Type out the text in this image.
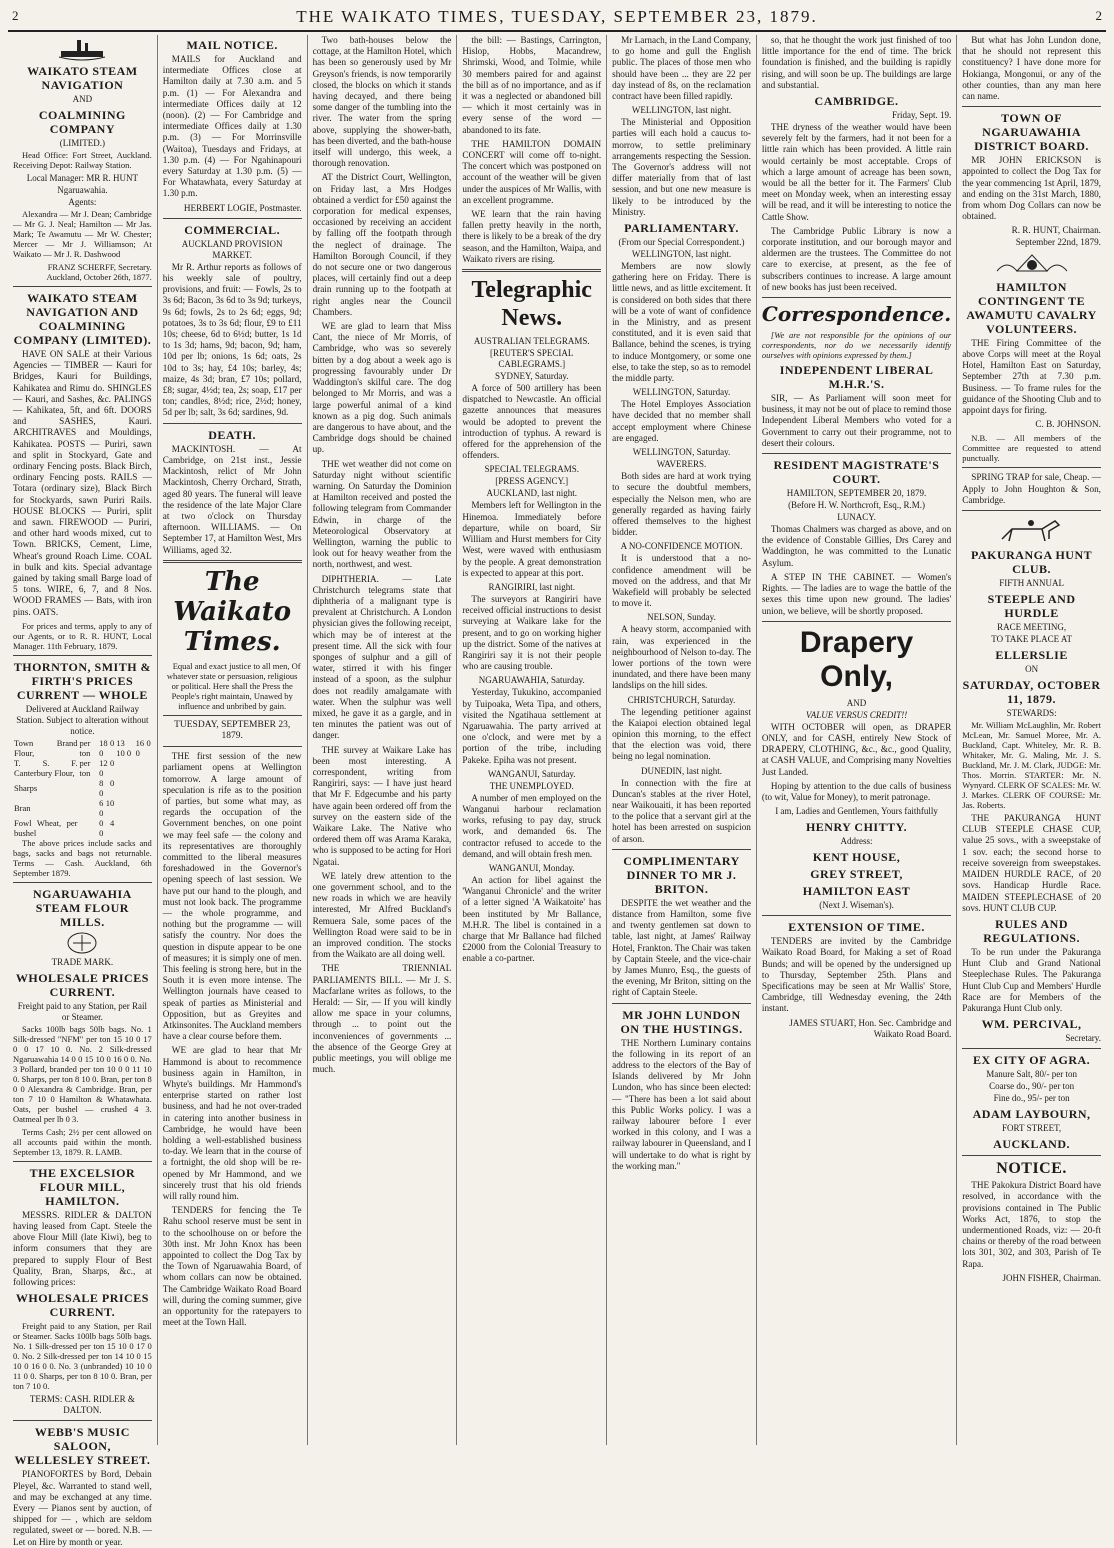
2	THE WAIKATO TIMES, TUESDAY, SEPTEMBER 23, 1879.	2
WAIKATO STEAM NAVIGATION
AND
COALMINING COMPANY
(LIMITED.)

Head Office: Fort Street, Auckland. Receiving Depot: Railway Station.

Local Manager: MR R. HUNT
Ngaruawahia.
Agents:

Alexandra — Mr J. Dean; Cambridge — Mr G. J. Neal; Hamilton — Mr Jas. Mark; Te Awamutu — Mr W. Chester; Mercer — Mr J. Williamson; At Waikato — Mr J. R. Dashwood

FRANZ SCHERFF, Secretary. Auckland, October 26th, 1877.

WAIKATO STEAM NAVIGATION AND COALMINING COMPANY (LIMITED).

HAVE ON SALE at their Various Agencies — TIMBER — Kauri for Bridges, Kauri for Buildings, Kahikatea and Rimu do. SHINGLES — Kauri, and Sashes, &c. PALINGS — Kahikatea, 5ft, and 6ft. DOORS and SASHES, Kauri. ARCHITRAVES and Mouldings, Kahikatea. POSTS — Puriri, sawn and split in Stockyard, Gate and ordinary Fencing posts. Black Birch, ordinary Fencing posts. RAILS — Totara (ordinary size), Black Birch for Stockyards, sawn Puriri Rails. HOUSE BLOCKS — Puriri, split and sawn. FIREWOOD — Puriri, and other hard woods mixed, cut to Town. BRICKS, Cement, Lime, Wheat's ground Roach Lime. COAL in bulk and kits. Special advantage gained by taking small Barge load of 5 tons. WIRE, 6, 7, and 8 Nos. WOOD FRAMES — Bats, with iron pins. OATS.

For prices and terms, apply to any of our Agents, or to R. R. HUNT, Local Manager. 11th February, 1879.

THORNTON, SMITH & FIRTH'S PRICES CURRENT — WHOLE
Delivered at Auckland Railway Station. Subject to alteration without notice.
Town Brand Flour,	per ton	18 0 0	13 10 0	16 0 0
T. S. F. Canterbury Flour,	per ton	12 0 0		
Sharps		8 0 0		
Bran		6 10 0		
Fowl Wheat, per bushel		0 4 0		

The above prices include sacks and bags, sacks and bags not returnable. Terms — Cash. Auckland, 6th September 1879.

NGARUAWAHIA STEAM FLOUR MILLS.
TRADE MARK.
WHOLESALE PRICES CURRENT.
Freight paid to any Station, per Rail or Steamer.

Sacks 100lb bags 50lb bags. No. 1 Silk-dressed "NFM" per ton 15 10 0 17 0 0 17 10 0. No. 2 Silk-dressed Ngaruawahia 14 0 0 15 10 0 16 0 0. No. 3 Pollard, branded per ton 10 0 0 11 10 0. Sharps, per ton 8 10 0. Bran, per ton 8 0 0 Alexandra & Cambridge. Bran, per ton 7 10 0 Hamilton & Whatawhata. Oats, per bushel — crushed 4 3. Oatmeal per lb 0 3.

Terms Cash; 2½ per cent allowed on all accounts paid within the month. September 13, 1879. R. LAMB.

THE EXCELSIOR FLOUR MILL, HAMILTON.

MESSRS. RIDLER & DALTON having leased from Capt. Steele the above Flour Mill (late Kiwi), beg to inform consumers that they are prepared to supply Flour of Best Quality, Bran, Sharps, &c., at following prices:

WHOLESALE PRICES CURRENT.

Freight paid to any Station, per Rail or Steamer. Sacks 100lb bags 50lb bags. No. 1 Silk-dressed per ton 15 10 0 17 0 0. No. 2 Silk-dressed per ton 14 10 0 15 10 0 16 0 0. No. 3 (unbranded) 10 10 0 11 0 0. Sharps, per ton 8 10 0. Bran, per ton 7 10 0.

TERMS: CASH. RIDLER & DALTON.
WEBB'S MUSIC SALOON, WELLESLEY STREET.

PIANOFORTES by Bord, Debain Pleyel, &c. Warranted to stand well, and may be exchanged at any time. Every — Pianos sent by auction, of shipped for — , which are seldom regulated, sweet or — bored. N.B. — Let on Hire by month or year.

MAIL NOTICE.

MAILS for Auckland and intermediate Offices close at Hamilton daily at 7.30 a.m. and 5 p.m. (1) — For Alexandra and intermediate Offices daily at 12 (noon). (2) — For Cambridge and intermediate Offices daily at 1.30 p.m. (3) — For Morrinsville (Waitoa), Tuesdays and Fridays, at 1.30 p.m. (4) — For Ngahinapouri every Saturday at 1.30 p.m. (5) — For Whatawhata, every Saturday at 1.30 p.m.

HERBERT LOGIE, Postmaster.

COMMERCIAL.
AUCKLAND PROVISION MARKET.

Mr R. Arthur reports as follows of his weekly sale of poultry, provisions, and fruit: — Fowls, 2s to 3s 6d; Bacon, 3s 6d to 3s 9d; turkeys, 9s 6d; fowls, 2s to 2s 6d; eggs, 9d; potatoes, 3s to 3s 6d; flour, £9 to £11 10s; cheese, 6d to 6½d; butter, 1s 1d to 1s 3d; hams, 9d; bacon, 9d; ham, 10d per lb; onions, 1s 6d; oats, 2s 10d to 3s; hay, £4 10s; barley, 4s; maize, 4s 3d; bran, £7 10s; pollard, £8; sugar, 4½d; tea, 2s; soap, £17 per ton; candles, 8½d; rice, 2½d; honey, 5d per lb; salt, 3s 6d; sardines, 9d.

DEATH.

MACKINTOSH. — At Cambridge, on 21st inst., Jessie Mackintosh, relict of Mr John Mackintosh, Cherry Orchard, Strath, aged 80 years. The funeral will leave the residence of the late Major Clare at two o'clock on Thursday afternoon. WILLIAMS. — On September 17, at Hamilton West, Mrs Williams, aged 32.

The Waikato Times.

Equal and exact justice to all men, Of whatever state or persuasion, religious or political. Here shall the Press the People's right maintain, Unawed by influence and unbribed by gain.

TUESDAY, SEPTEMBER 23, 1879.

THE first session of the new parliament opens at Wellington tomorrow. A large amount of speculation is rife as to the position of parties, but some what may, as regards the occupation of the Government benches, on one point we may feel safe — the colony and its representatives are thoroughly committed to the liberal measures foreshadowed in the Governor's opening speech of last session. We have put our hand to the plough, and must not look back. The programme — the whole programme, and nothing but the programme — will satisfy the country. Nor does the question in dispute appear to be one of measures; it is simply one of men. This feeling is strong here, but in the South it is even more intense. The Wellington journals have ceased to speak of parties as Ministerial and Opposition, but as Greyites and Atkinsonites. The Auckland members have a clear course before them.

WE are glad to hear that Mr Hammond is about to recommence business again in Hamilton, in Whyte's buildings. Mr Hammond's enterprise started on rather lost business, and had he not over-traded in catering into another business in Cambridge, he would have been holding a well-established business to-day. We learn that in the course of a fortnight, the old shop will be re-opened by Mr Hammond, and we sincerely trust that his old friends will rally round him.

TENDERS for fencing the Te Rahu school reserve must be sent in to the schoolhouse on or before the 30th inst. Mr John Knox has been appointed to collect the Dog Tax by the Town of Ngaruawahia Board, of whom collars can now be obtained. The Cambridge Waikato Road Board will, during the coming summer, give an opportunity for the ratepayers to meet at the Town Hall.

Two bath-houses below the cottage, at the Hamilton Hotel, which has been so generously used by Mr Greyson's friends, is now temporarily closed, the blocks on which it stands having decayed, and there being some danger of the tumbling into the river. The water from the spring above, supplying the shower-bath, has been diverted, and the bath-house itself will undergo, this week, a thorough renovation.

AT the District Court, Wellington, on Friday last, a Mrs Hodges obtained a verdict for £50 against the corporation for medical expenses, occasioned by receiving an accident by falling off the footpath through the neglect of drainage. The Hamilton Borough Council, if they do not secure one or two dangerous places, will certainly find out a deep drain running up to the footpath at right angles near the Council Chambers.

WE are glad to learn that Miss Cant, the niece of Mr Morris, of Cambridge, who was so severely bitten by a dog about a week ago is progressing favourably under Dr Waddington's skilful care. The dog belonged to Mr Morris, and was a large powerful animal of a kind known as a pig dog. Such animals are dangerous to have about, and the Cambridge dogs should be chained up.

THE wet weather did not come on Saturday night without scientific warning. On Saturday the Dominion at Hamilton received and posted the following telegram from Commander Edwin, in charge of the Meteorological Observatory at Wellington, warning the public to look out for heavy weather from the north, northwest, and west.

DIPHTHERIA. — Late Christchurch telegrams state that diphtheria of a malignant type is prevalent at Christchurch. A London physician gives the following receipt, which may be of interest at the present time. All the sick with four sponges of sulphur and a gill of water, stirred it with his finger instead of a spoon, as the sulphur does not readily amalgamate with water. When the sulphur was well mixed, he gave it as a gargle, and in ten minutes the patient was out of danger.

THE survey at Waikare Lake has been most interesting. A correspondent, writing from Rangiriri, says: — I have just heard that Mr F. Edgecumbe and his party have again been ordered off from the survey on the eastern side of the Waikare Lake. The Native who ordered them off was Arama Karaka, who is supposed to be acting for Hori Ngatai.

WE lately drew attention to the one government school, and to the new roads in which we are heavily interested, Mr Alfred Buckland's Remuera Sale, some paces of the Wellington Road were said to be in an improved condition. The stocks from the Waikato are all doing well.

THE TRIENNIAL PARLIAMENTS BILL. — Mr J. S. Macfarlane writes as follows, to the Herald: — Sir, — If you will kindly allow me space in your columns, through ... to point out the inconveniences of governments ... the absence of the George Grey at public meetings, you will oblige me much.

the bill: — Bastings, Carrington, Hislop, Hobbs, Macandrew, Shrimski, Wood, and Tolmie, while 30 members paired for and against the bill as of no importance, and as if it was a neglected or abandoned bill — which it most certainly was in every sense of the word — abandoned to its fate.

THE HAMILTON DOMAIN CONCERT will come off to-night. The concert which was postponed on account of the weather will be given under the auspices of Mr Wallis, with an excellent programme.

WE learn that the rain having fallen pretty heavily in the north, there is likely to be a break of the dry season, and the Hamilton, Waipa, and Waikato rivers are rising.

Telegraphic News.
AUSTRALIAN TELEGRAMS.
[REUTER'S SPECIAL CABLEGRAMS.]
SYDNEY, Saturday.

A force of 500 artillery has been dispatched to Newcastle. An official gazette announces that measures would be adopted to prevent the introduction of typhus. A reward is offered for the apprehension of the offenders.

SPECIAL TELEGRAMS.
[PRESS AGENCY.]
AUCKLAND, last night.

Members left for Wellington in the Hinemoa. Immediately before departure, while on board, Sir William and Hurst members for City West, were waved with enthusiasm by the people. A great demonstration is expected to appear at this port.

RANGIRIRI, last night.

The surveyors at Rangiriri have received official instructions to desist surveying at Waikare lake for the present, and to go on working higher up the district. Some of the natives at Rangiriri say it is not their people who are causing trouble.

NGARUAWAHIA, Saturday.

Yesterday, Tukukino, accompanied by Tuipoaka, Weta Tipa, and others, visited the Ngatihaua settlement at Ngaruawahia. The party arrived at one o'clock, and were met by a portion of the tribe, including Pakeke. Epiha was not present.

WANGANUI, Saturday.
THE UNEMPLOYED.

A number of men employed on the Wanganui harbour reclamation works, refusing to pay day, struck work, and demanded 6s. The contractor refused to accede to the demand, and will obtain fresh men.

WANGANUI, Monday.

An action for libel against the 'Wanganui Chronicle' and the writer of a letter signed 'A Waikatoite' has been instituted by Mr Ballance, M.H.R. The libel is contained in a charge that Mr Ballance had filched £2000 from the Colonial Treasury to enable a co-partner.

Mr Larnach, in the Land Company, to go home and gull the English public. The places of those men who should have been ... they are 22 per day instead of 8s, on the reclamation contract have been filled rapidly.

WELLINGTON, last night.

The Ministerial and Opposition parties will each hold a caucus to-morrow, to settle preliminary arrangements respecting the Session. The Governor's address will not differ materially from that of last session, and but one new measure is likely to be introduced by the Ministry.

PARLIAMENTARY.
(From our Special Correspondent.)
WELLINGTON, last night.

Members are now slowly gathering here on Friday. There is little news, and as little excitement. It is considered on both sides that there will be a vote of want of confidence in the Ministry, and as present constituted, and it is even said that Ballance, behind the scenes, is trying to induce Montgomery, or some one else, to take the step, so as to remodel the middle party.

WELLINGTON, Saturday.

The Hotel Employes Association have decided that no member shall accept employment where Chinese are engaged.

WELLINGTON, Saturday.
WAVERERS.

Both sides are hard at work trying to secure the doubtful members, especially the Nelson men, who are generally regarded as having fairly offered themselves to the highest bidder.

A NO-CONFIDENCE MOTION.

It is understood that a no-confidence amendment will be moved on the address, and that Mr Wakefield will probably be selected to move it.

NELSON, Sunday.

A heavy storm, accompanied with rain, was experienced in the neighbourhood of Nelson to-day. The lower portions of the town were inundated, and there have been many landslips on the hill sides.

CHRISTCHURCH, Saturday.

The legending petitioner against the Kaiapoi election obtained legal opinion this morning, to the effect that the election was void, there being no legal nomination.

DUNEDIN, last night.

In connection with the fire at Duncan's stables at the river Hotel, near Waikouaiti, it has been reported to the police that a servant girl at the hotel has been arrested on suspicion of arson.

COMPLIMENTARY DINNER TO MR J. BRITON.

DESPITE the wet weather and the distance from Hamilton, some five and twenty gentlemen sat down to table, last night, at James' Railway Hotel, Frankton. The Chair was taken by Captain Steele, and the vice-chair by James Munro, Esq., the guests of the evening, Mr Briton, sitting on the right of Captain Steele.

MR JOHN LUNDON ON THE HUSTINGS.

THE Northern Luminary contains the following in its report of an address to the electors of the Bay of Islands delivered by Mr John Lundon, who has since been elected: — "There has been a lot said about this Public Works policy. I was a railway labourer before I ever worked in this colony, and I was a railway labourer in Queensland, and I will undertake to do what is right by the working man."

so, that he thought the work just finished of too little importance for the end of time. The brick foundation is finished, and the building is rapidly rising, and will soon be up. The buildings are large and substantial.

CAMBRIDGE.
Friday, Sept. 19.

THE dryness of the weather would have been severely felt by the farmers, had it not been for a little rain which has been provided. A little rain would certainly be most acceptable. Crops of which a large amount of acreage has been sown, would be all the better for it. The Farmers' Club meet on Monday week, when an interesting essay will be read, and it will be interesting to notice the Cattle Show.

The Cambridge Public Library is now a corporate institution, and our borough mayor and aldermen are the trustees. The Committee do not care to exercise, at present, as the fee of subscribers continues to increase. A large amount of new books has just been received.

Correspondence.

[We are not responsible for the opinions of our correspondents, nor do we necessarily identify ourselves with opinions expressed by them.]

INDEPENDENT LIBERAL M.H.R.'S.

SIR, — As Parliament will soon meet for business, it may not be out of place to remind those Independent Liberal Members who voted for a Government to carry out their programme, not to desert their colours.

RESIDENT MAGISTRATE'S COURT.
HAMILTON, SEPTEMBER 20, 1879.
(Before H. W. Northcroft, Esq., R.M.)
LUNACY.

Thomas Chalmers was charged as above, and on the evidence of Constable Gillies, Drs Carey and Waddington, he was committed to the Lunatic Asylum.

A STEP IN THE CABINET. — Women's Rights. — The ladies are to wage the battle of the sexes this time upon new ground. The ladies' union, we believe, will be shortly proposed.

Drapery Only,
AND
VALUE VERSUS CREDIT!!

WITH OCTOBER will open, as DRAPER ONLY, and for CASH, entirely New Stock of DRAPERY, CLOTHING, &c., &c., good Quality, at CASH VALUE, and Comprising many Novelties Just Landed.

Hoping by attention to the due calls of business (to wit, Value for Money), to merit patronage.

I am, Ladies and Gentlemen, Yours faithfully
HENRY CHITTY.
Address:
KENT HOUSE,
GREY STREET,
HAMILTON EAST
(Next J. Wiseman's).
EXTENSION OF TIME.

TENDERS are invited by the Cambridge Waikato Road Board, for Making a set of Road Bunds; and will be opened by the undersigned up to Thursday, September 25th. Plans and Specifications may be seen at Mr Wallis' Store, Cambridge, till Wednesday evening, the 24th instant.

JAMES STUART, Hon. Sec. Cambridge and Waikato Road Board.

But what has John Lundon done, that he should not represent this constituency? I have done more for Hokianga, Mongonui, or any of the other counties, than any man here can name.

TOWN OF NGARUAWAHIA DISTRICT BOARD.

MR JOHN ERICKSON is appointed to collect the Dog Tax for the year commencing 1st April, 1879, and ending on the 31st March, 1880, from whom Dog Collars can now be obtained.

R. R. HUNT, Chairman. September 22nd, 1879.

HAMILTON CONTINGENT TE AWAMUTU CAVALRY VOLUNTEERS.

THE Firing Committee of the above Corps will meet at the Royal Hotel, Hamilton East on Saturday, September 27th at 7.30 p.m. Business. — To frame rules for the guidance of the Shooting Club and to appoint days for firing.

C. B. JOHNSON.

N.B. — All members of the Committee are requested to attend punctually.

SPRING TRAP for sale, Cheap. — Apply to John Houghton & Son, Cambridge.

PAKURANGA HUNT CLUB.
FIFTH ANNUAL
STEEPLE AND HURDLE
RACE MEETING,
TO TAKE PLACE AT
ELLERSLIE
ON
SATURDAY, OCTOBER 11, 1879.
STEWARDS:

Mr. William McLaughlin, Mr. Robert McLean, Mr. Samuel Moree, Mr. A. Buckland, Capt. Whiteley, Mr. R. B. Whitaker, Mr. G. Maling, Mr. J. S. Buckland, Mr. J. M. Clark, JUDGE: Mr. Thos. Morrin. STARTER: Mr. N. Wynyard. CLERK OF SCALES: Mr. W. J. Markes. CLERK OF COURSE: Mr. Jas. Roberts.

THE PAKURANGA HUNT CLUB STEEPLE CHASE CUP, value 25 sovs., with a sweepstake of 1 sov. each; the second horse to receive sovereign from sweepstakes. MAIDEN HURDLE RACE, of 20 sovs. Handicap Hurdle Race. MAIDEN STEEPLECHASE of 20 sovs. HUNT CLUB CUP.

RULES AND REGULATIONS.

To be run under the Pakuranga Hunt Club and Grand National Steeplechase Rules. The Pakuranga Hunt Club Cup and Members' Hurdle Race are for Members of the Pakuranga Hunt Club only.

WM. PERCIVAL,
Secretary.
EX CITY OF AGRA.
Manure Salt, 80/- per ton
Coarse do., 90/- per ton
Fine do., 95/- per ton
ADAM LAYBOURN,
FORT STREET,
AUCKLAND.
NOTICE.

THE Pakokura District Board have resolved, in accordance with the provisions contained in The Public Works Act, 1876, to stop the undermentioned Roads, viz: — 20-ft chains or thereby of the road between lots 301, 302, and 303, Parish of Te Rapa.

JOHN FISHER, Chairman.
